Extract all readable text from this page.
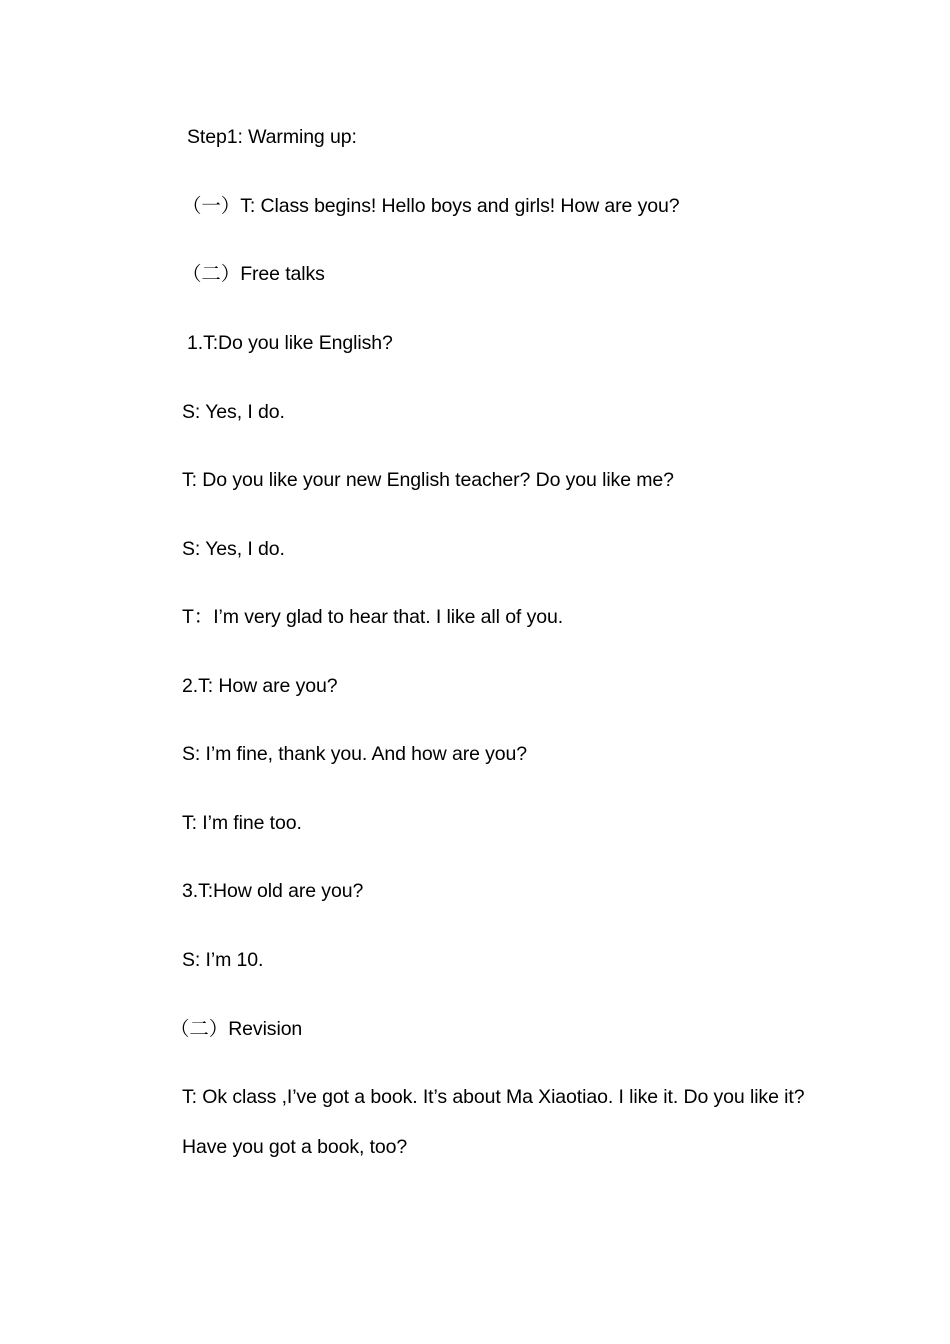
Step1: Warming up:
（一）T: Class begins! Hello boys and girls! How are you?
（二）Free talks
1.T:Do you like English?
S: Yes, I do.
T: Do you like your new English teacher? Do you like me?
S: Yes, I do.
T：I’m very glad to hear that. I like all of you.
2.T: How are you?
S: I’m fine, thank you. And how are you?
T: I’m fine too.
3.T:How old are you?
S: I’m 10.
（二）Revision
T: Ok class ,I’ve got a book. It’s about Ma Xiaotiao. I like it. Do you like it?
Have you got a book, too?
